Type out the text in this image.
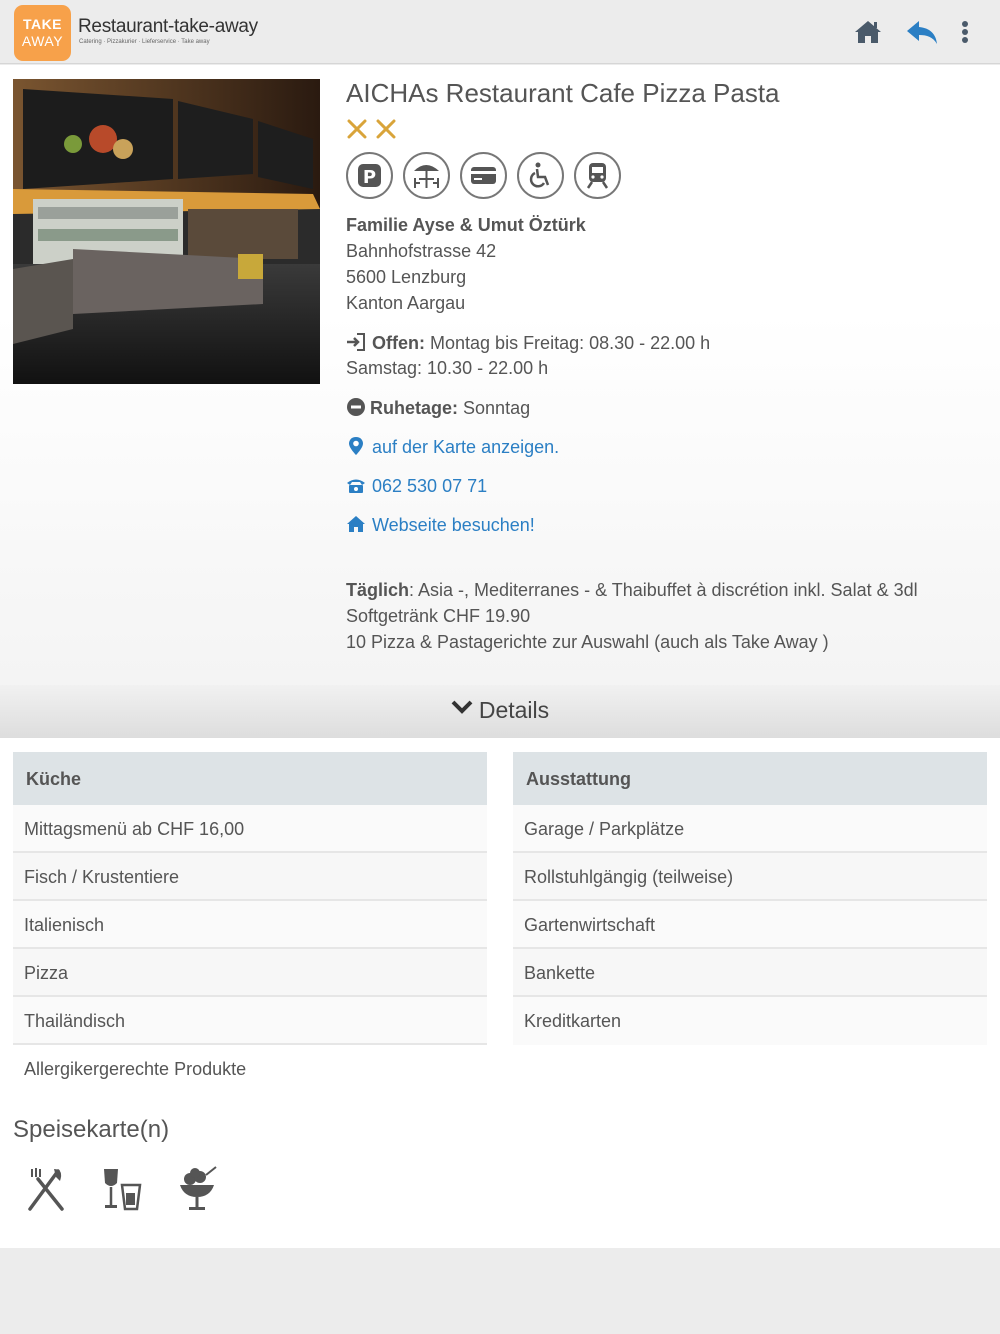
TAKE
AWAY
Restaurant-take-away
Catering · Pizzakurier · Lieferservice · Take away
AICHAs Restaurant Cafe Pizza Pasta
P
Familie Ayse & Umut Öztürk
Bahnhofstrasse 42
5600 Lenzburg
Kanton Aargau
Offen: Montag bis Freitag: 08.30 - 22.00 h
Samstag: 10.30 - 22.00 h
Ruhetage: Sonntag
auf der Karte anzeigen.
062 530 07 71
Webseite besuchen!
Täglich: Asia -, Mediterranes - & Thaibuffet à discrétion inkl. Salat & 3dl Softgetränk CHF 19.90
10 Pizza & Pastagerichte zur Auswahl (auch als Take Away )
Details
Küche
Mittagsmenü ab CHF 16,00
Fisch / Krustentiere
Italienisch
Pizza
Thailändisch
Allergikergerechte Produkte
Ausstattung
Garage / Parkplätze
Rollstuhlgängig (teilweise)
Gartenwirtschaft
Bankette
Kreditkarten
Speisekarte(n)
